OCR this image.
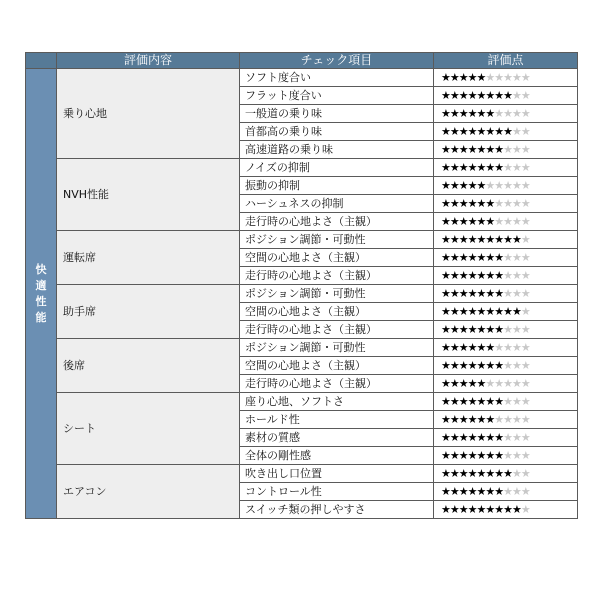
	評価内容	チェック項目	評価点

快
適
性
能	乗り心地	ソフト度合い	★★★★★★★★★★
		フラット度合い	★★★★★★★★★★
		一般道の乗り味	★★★★★★★★★★
		首都高の乗り味	★★★★★★★★★★
		高速道路の乗り味	★★★★★★★★★★
	NVH性能	ノイズの抑制	★★★★★★★★★★
		振動の抑制	★★★★★★★★★★
		ハーシュネスの抑制	★★★★★★★★★★
		走行時の心地よさ（主観）	★★★★★★★★★★
	運転席	ポジション調節・可動性	★★★★★★★★★★
		空間の心地よさ（主観）	★★★★★★★★★★
		走行時の心地よさ（主観）	★★★★★★★★★★
	助手席	ポジション調節・可動性	★★★★★★★★★★
		空間の心地よさ（主観）	★★★★★★★★★★
		走行時の心地よさ（主観）	★★★★★★★★★★
	後席	ポジション調節・可動性	★★★★★★★★★★
		空間の心地よさ（主観）	★★★★★★★★★★
		走行時の心地よさ（主観）	★★★★★★★★★★
	シート	座り心地、ソフトさ	★★★★★★★★★★
		ホールド性	★★★★★★★★★★
		素材の質感	★★★★★★★★★★
		全体の剛性感	★★★★★★★★★★
	エアコン	吹き出し口位置	★★★★★★★★★★
		コントロール性	★★★★★★★★★★
		スイッチ類の押しやすさ	★★★★★★★★★★
